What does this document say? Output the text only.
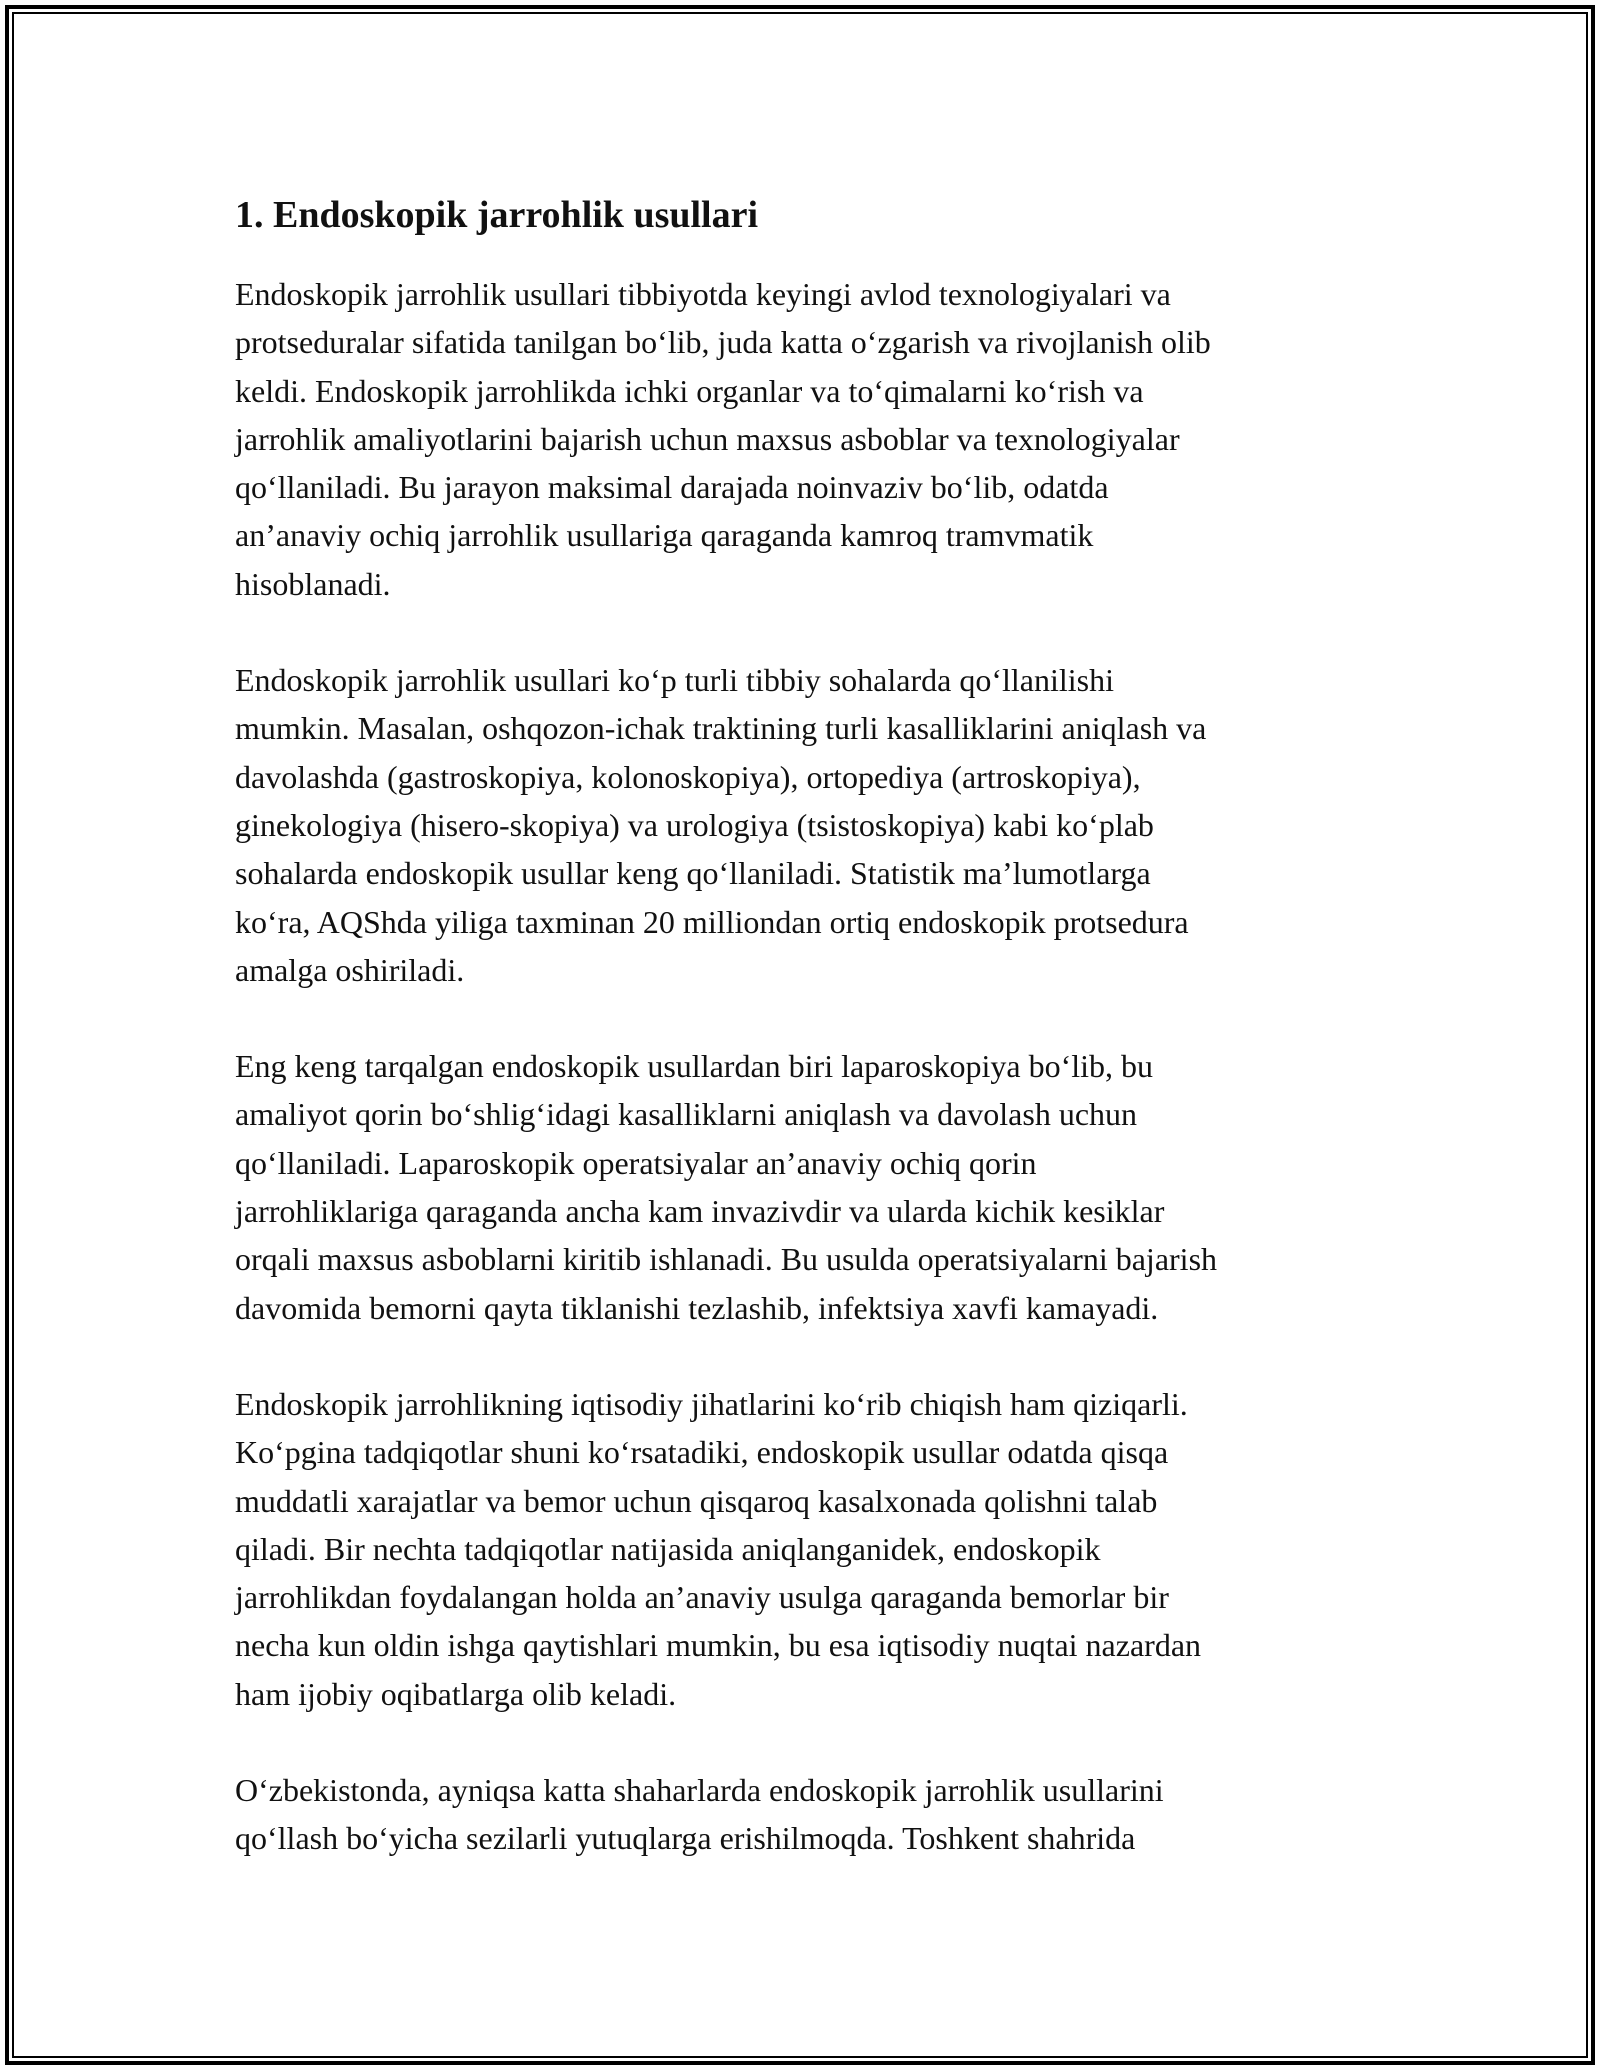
1. Endoskopik jarrohlik usullari

Endoskopik jarrohlik usullari tibbiyotda keyingi avlod texnologiyalari va
protseduralar sifatida tanilgan bo‘lib, juda katta o‘zgarish va rivojlanish olib
keldi. Endoskopik jarrohlikda ichki organlar va to‘qimalarni ko‘rish va
jarrohlik amaliyotlarini bajarish uchun maxsus asboblar va texnologiyalar
qo‘llaniladi. Bu jarayon maksimal darajada noinvaziv bo‘lib, odatda
an’anaviy ochiq jarrohlik usullariga qaraganda kamroq tramvmatik
hisoblanadi.

Endoskopik jarrohlik usullari ko‘p turli tibbiy sohalarda qo‘llanilishi
mumkin. Masalan, oshqozon-ichak traktining turli kasalliklarini aniqlash va
davolashda (gastroskopiya, kolonoskopiya), ortopediya (artroskopiya),
ginekologiya (hisero-skopiya) va urologiya (tsistoskopiya) kabi ko‘plab
sohalarda endoskopik usullar keng qo‘llaniladi. Statistik ma’lumotlarga
ko‘ra, AQShda yiliga taxminan 20 milliondan ortiq endoskopik protsedura
amalga oshiriladi.

Eng keng tarqalgan endoskopik usullardan biri laparoskopiya bo‘lib, bu
amaliyot qorin bo‘shlig‘idagi kasalliklarni aniqlash va davolash uchun
qo‘llaniladi. Laparoskopik operatsiyalar an’anaviy ochiq qorin
jarrohliklariga qaraganda ancha kam invazivdir va ularda kichik kesiklar
orqali maxsus asboblarni kiritib ishlanadi. Bu usulda operatsiyalarni bajarish
davomida bemorni qayta tiklanishi tezlashib, infektsiya xavfi kamayadi.

Endoskopik jarrohlikning iqtisodiy jihatlarini ko‘rib chiqish ham qiziqarli.
Ko‘pgina tadqiqotlar shuni ko‘rsatadiki, endoskopik usullar odatda qisqa
muddatli xarajatlar va bemor uchun qisqaroq kasalxonada qolishni talab
qiladi. Bir nechta tadqiqotlar natijasida aniqlanganidek, endoskopik
jarrohlikdan foydalangan holda an’anaviy usulga qaraganda bemorlar bir
necha kun oldin ishga qaytishlari mumkin, bu esa iqtisodiy nuqtai nazardan
ham ijobiy oqibatlarga olib keladi.

O‘zbekistonda, ayniqsa katta shaharlarda endoskopik jarrohlik usullarini
qo‘llash bo‘yicha sezilarli yutuqlarga erishilmoqda. Toshkent shahrida
